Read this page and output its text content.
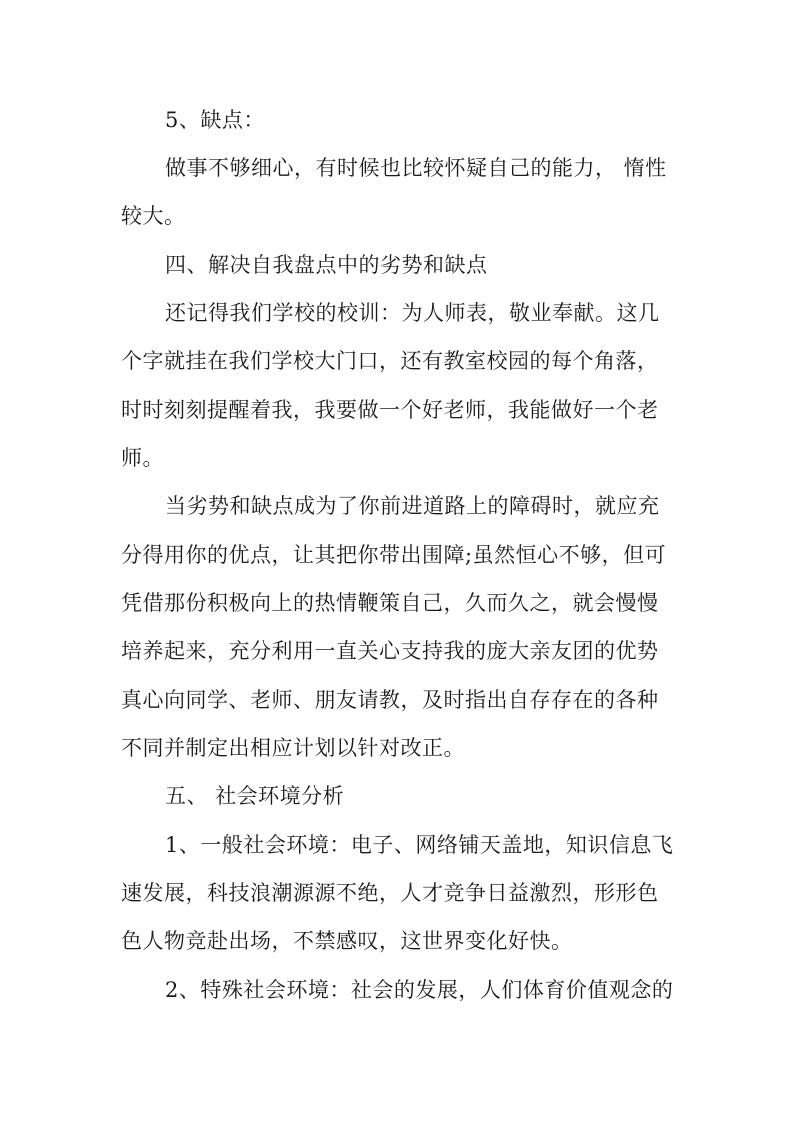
5、缺点：
做事不够细心，有时候也比较怀疑自己的能力， 惰性
较大。
四、解决自我盘点中的劣势和缺点
还记得我们学校的校训：为人师表，敬业奉献。这几
个字就挂在我们学校大门口，还有教室校园的每个角落，
时时刻刻提醒着我，我要做一个好老师，我能做好一个老
师。
当劣势和缺点成为了你前进道路上的障碍时，就应充
分得用你的优点，让其把你带出围障;虽然恒心不够，但可
凭借那份积极向上的热情鞭策自己，久而久之，就会慢慢
培养起来，充分利用一直关心支持我的庞大亲友团的优势
真心向同学、老师、朋友请教，及时指出自存存在的各种
不同并制定出相应计划以针对改正。
五、 社会环境分析
1、一般社会环境：电子、网络铺天盖地，知识信息飞
速发展，科技浪潮源源不绝，人才竞争日益激烈，形形色
色人物竞赴出场，不禁感叹，这世界变化好快。
2、特殊社会环境：社会的发展，人们体育价值观念的
